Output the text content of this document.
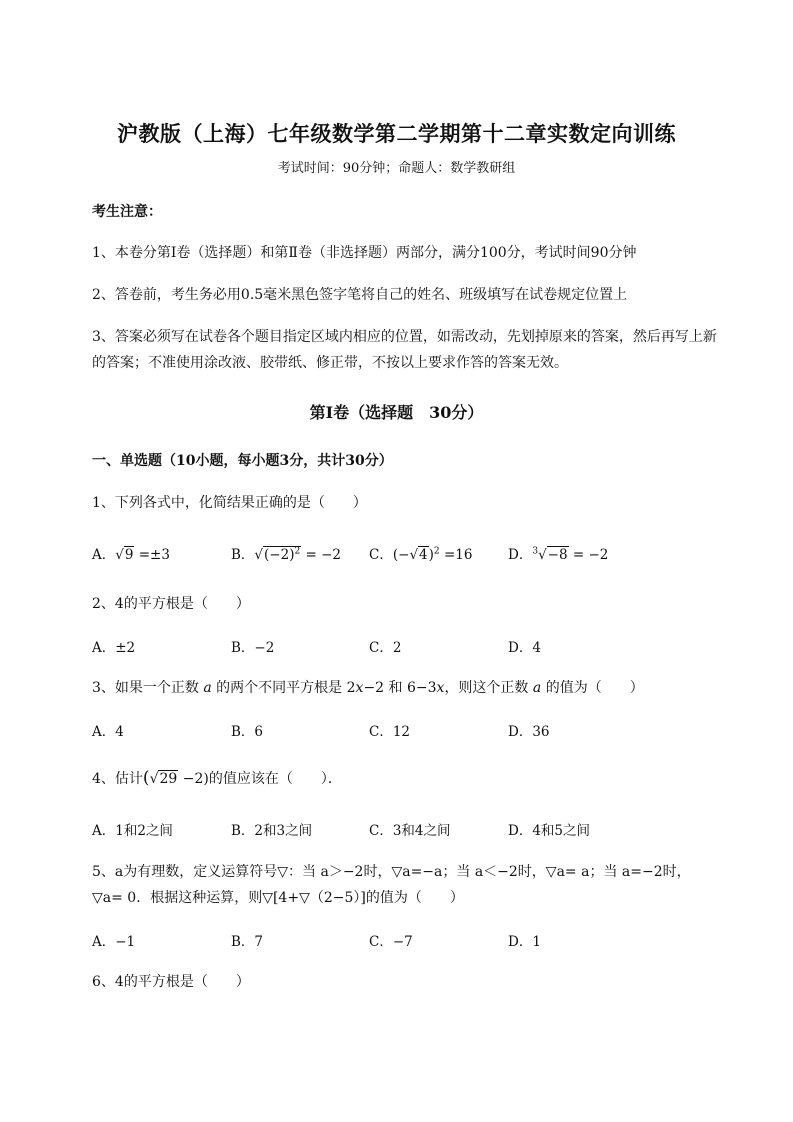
沪教版（上海）七年级数学第二学期第十二章实数定向训练
考试时间：90分钟；命题人：数学教研组
考生注意：
1、本卷分第I卷（选择题）和第Ⅱ卷（非选择题）两部分，满分100分，考试时间90分钟
2、答卷前，考生务必用0.5毫米黑色签字笔将自己的姓名、班级填写在试卷规定位置上
3、答案必须写在试卷各个题目指定区域内相应的位置，如需改动，先划掉原来的答案，然后再写上新
的答案；不准使用涂改液、胶带纸、修正带，不按以上要求作答的答案无效。
第I卷（选择题　30分）
一、单选题（10小题，每小题3分，共计30分）
1、下列各式中，化简结果正确的是（　　）
A．√9 =±3	B．$√(-2)^2 = -2$ C．$(-√4)^2 =16$	D．$^3$√−8 = −2
2、4的平方根是（　　）
A．±2	B．−2	C．2	D．4
3、如果一个正数 a 的两个不同平方根是 2x−2 和 6−3x，则这个正数 a 的值为（　　）
A．4	B．6	C．12	D．36
4、估计(√29 −2)的值应该在（　　）．
A．1和2之间	B．2和3之间	C．3和4之间	D．4和5之间
5、a为有理数，定义运算符号▽：当 a＞−2时，▽a=−a；当 a＜−2时，▽a= a；当 a=−2时，
▽a= 0．根据这种运算，则▽[4+▽（2−5）]的值为（　　）
A．−1	B．7	C．−7	D．1
6、4的平方根是（　　）
